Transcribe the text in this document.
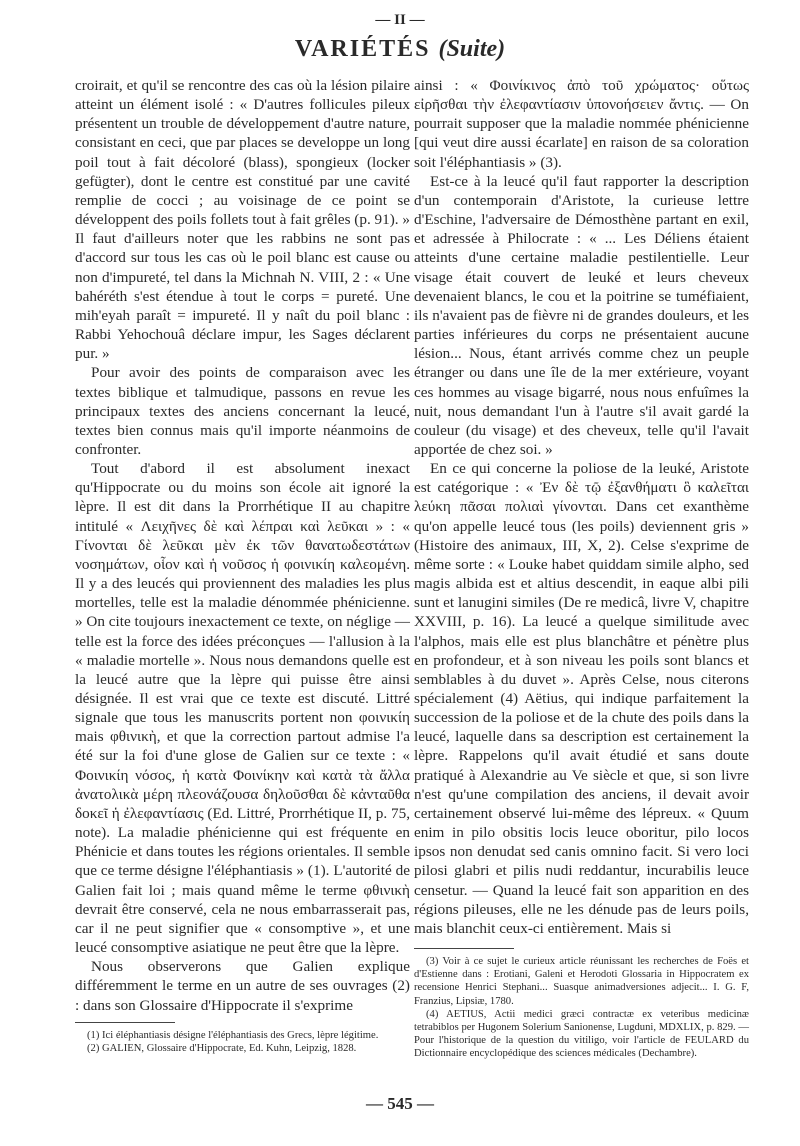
— II —
VARIÉTÉS (Suite)

croirait, et qu'il se rencontre des cas où la lésion pilaire atteint un élément isolé : « D'autres follicules pileux présentent un trouble de développement d'autre nature, consistant en ceci, que par places se developpe un long poil tout à fait décoloré (blass), spongieux (locker gefügter), dont le centre est constitué par une cavité remplie de cocci ; au voisinage de ce point se développent des poils follets tout à fait grêles (p. 91). » Il faut d'ailleurs noter que les rabbins ne sont pas d'accord sur tous les cas où le poil blanc est cause ou non d'impureté, tel dans la Michnah N. VIII, 2 : « Une bahéréth s'est étendue à tout le corps = pureté. Une mih'eyah paraît = impureté. Il y naît du poil blanc : Rabbi Yehochouâ déclare impur, les Sages déclarent pur. »

Pour avoir des points de comparaison avec les textes biblique et talmudique, passons en revue les principaux textes des anciens concernant la leucé, textes bien connus mais qu'il importe néanmoins de confronter.

Tout d'abord il est absolument inexact qu'Hippocrate ou du moins son école ait ignoré la lèpre. Il est dit dans la Prorrhétique II au chapitre intitulé « Λειχῆνες δὲ καὶ λέπραι καὶ λεῦκαι » : « Γίνονται δὲ λεῦκαι μὲν ἐκ τῶν θανατωδεστάτων νοσημάτων, οἷον καὶ ἡ νοῦσος ἡ φοινικίη καλεομένη. Il y a des leucés qui proviennent des maladies les plus mortelles, telle est la maladie dénommée phénicienne. » On cite toujours inexactement ce texte, on néglige — telle est la force des idées préconçues — l'allusion à la « maladie mortelle ». Nous nous demandons quelle est la leucé autre que la lèpre qui puisse être ainsi désignée. Il est vrai que ce texte est discuté. Littré signale que tous les manuscrits portent non φοινικίη mais φθινικὴ, et que la correction partout admise l'a été sur la foi d'une glose de Galien sur ce texte : « Φοινικίη νόσος, ἡ κατὰ Φοινίκην καὶ κατὰ τὰ ἄλλα ἀνατολικὰ μέρη πλεονάζουσα δηλοῦσθαι δὲ κἀνταῦθα δοκεῖ ἡ ἐλεφαντίασις (Ed. Littré, Prorrhétique II, p. 75, note). La maladie phénicienne qui est fréquente en Phénicie et dans toutes les régions orientales. Il semble que ce terme désigne l'éléphantiasis » (1). L'autorité de Galien fait loi ; mais quand même le terme φθινικὴ devrait être conservé, cela ne nous embarrasserait pas, car il ne peut signifier que « consomptive », et une leucé consomptive asiatique ne peut être que la lèpre.

Nous observerons que Galien explique différemment le terme en un autre de ses ouvrages (2) : dans son Glossaire d'Hippocrate il s'exprime

(1) Ici éléphantiasis désigne l'éléphantiasis des Grecs, lèpre légitime.

(2) GALIEN, Glossaire d'Hippocrate, Ed. Kuhn, Leipzig, 1828.

ainsi : « Φοινίκινος ἀπὸ τοῦ χρώματος· οὕτως εἰρῆσθαι τὴν ἐλεφαντίασιν ὑπονοήσειεν ἄντις. — On pourrait supposer que la maladie nommée phénicienne [qui veut dire aussi écarlate] en raison de sa coloration soit l'éléphantiasis » (3).

Est-ce à la leucé qu'il faut rapporter la description d'un contemporain d'Aristote, la curieuse lettre d'Eschine, l'adversaire de Démosthène partant en exil, et adressée à Philocrate : « ... Les Déliens étaient atteints d'une certaine maladie pestilentielle. Leur visage était couvert de leuké et leurs cheveux devenaient blancs, le cou et la poitrine se tuméfiaient, ils n'avaient pas de fièvre ni de grandes douleurs, et les parties inférieures du corps ne présentaient aucune lésion... Nous, étant arrivés comme chez un peuple étranger ou dans une île de la mer extérieure, voyant ces hommes au visage bigarré, nous nous enfuîmes la nuit, nous demandant l'un à l'autre s'il avait gardé la couleur (du visage) et des cheveux, telle qu'il l'avait apportée de chez soi. »

En ce qui concerne la poliose de la leuké, Aristote est catégorique : « Ἐν δὲ τῷ ἐξανθήματι ὃ καλεῖται λεύκη πᾶσαι πολιαὶ γίνονται. Dans cet exanthème qu'on appelle leucé tous (les poils) deviennent gris » (Histoire des animaux, III, X, 2). Celse s'exprime de même sorte : « Louke habet quiddam simile alpho, sed magis albida est et altius descendit, in eaque albi pili sunt et lanugini similes (De re medicâ, livre V, chapitre XXVIII, p. 16). La leucé a quelque similitude avec l'alphos, mais elle est plus blanchâtre et pénètre plus en profondeur, et à son niveau les poils sont blancs et semblables à du duvet ». Après Celse, nous citerons spécialement (4) Aëtius, qui indique parfaitement la succession de la poliose et de la chute des poils dans la leucé, laquelle dans sa description est certainement la lèpre. Rappelons qu'il avait étudié et sans doute pratiqué à Alexandrie au Ve siècle et que, si son livre n'est qu'une compilation des anciens, il devait avoir certainement observé lui-même des lépreux. « Quum enim in pilo obsitis locis leuce oboritur, pilo locos ipsos non denudat sed canis omnino facit. Si vero loci pilosi glabri et pilis nudi reddantur, incurabilis leuce censetur. — Quand la leucé fait son apparition en des régions pileuses, elle ne les dénude pas de leurs poils, mais blanchit ceux-ci entièrement. Mais si

(3) Voir à ce sujet le curieux article réunissant les recherches de Foës et d'Estienne dans : Erotiani, Galeni et Herodoti Glossaria in Hippocratem ex recensione Henrici Stephani... Suasque animadversiones adjecit... I. G. F, Franzius, Lipsiæ, 1780.

(4) AETIUS, Actii medici græci contractæ ex veteribus medicinæ tetrabiblos per Hugonem Solerium Sanionense, Lugduni, MDXLIX, p. 829. — Pour l'historique de la question du vitiligo, voir l'article de FEULARD du Dictionnaire encyclopédique des sciences médicales (Dechambre).

— 545 —
